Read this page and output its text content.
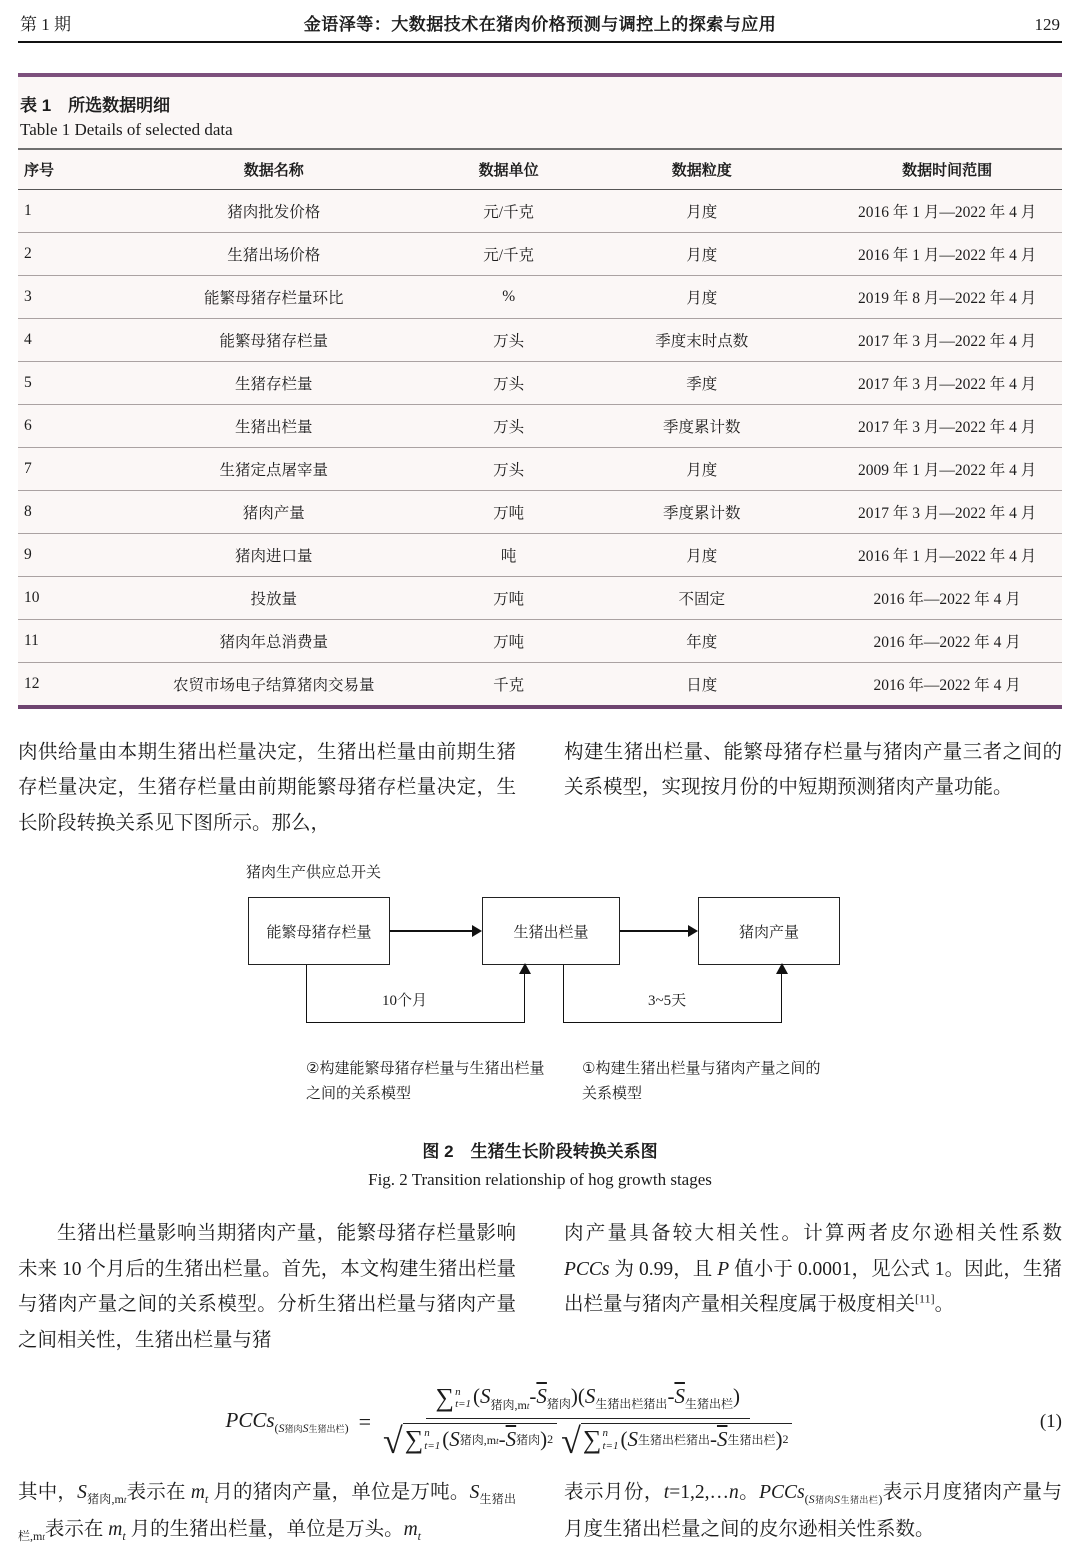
第 1 期	金语泽等：大数据技术在猪肉价格预测与调控上的探索与应用	129
表 1　所选数据明细
Table 1 Details of selected data
序号	数据名称	数据单位	数据粒度	数据时间范围
1	猪肉批发价格	元/千克	月度	2016 年 1 月—2022 年 4 月
2	生猪出场价格	元/千克	月度	2016 年 1 月—2022 年 4 月
3	能繁母猪存栏量环比	%	月度	2019 年 8 月—2022 年 4 月
4	能繁母猪存栏量	万头	季度末时点数	2017 年 3 月—2022 年 4 月
5	生猪存栏量	万头	季度	2017 年 3 月—2022 年 4 月
6	生猪出栏量	万头	季度累计数	2017 年 3 月—2022 年 4 月
7	生猪定点屠宰量	万头	月度	2009 年 1 月—2022 年 4 月
8	猪肉产量	万吨	季度累计数	2017 年 3 月—2022 年 4 月
9	猪肉进口量	吨	月度	2016 年 1 月—2022 年 4 月
10	投放量	万吨	不固定	2016 年—2022 年 4 月
11	猪肉年总消费量	万吨	年度	2016 年—2022 年 4 月
12	农贸市场电子结算猪肉交易量	千克	日度	2016 年—2022 年 4 月
肉供给量由本期生猪出栏量决定，生猪出栏量由前期生猪存栏量决定，生猪存栏量由前期能繁母猪存栏量决定，生长阶段转换关系见下图所示。那么，
构建生猪出栏量、能繁母猪存栏量与猪肉产量三者之间的关系模型，实现按月份的中短期预测猪肉产量功能。
猪肉生产供应总开关
能繁母猪存栏量	生猪出栏量	猪肉产量
10个月	3~5天
②构建能繁母猪存栏量与生猪出栏量之间的关系模型
①构建生猪出栏量与猪肉产量之间的关系模型
图 2　生猪生长阶段转换关系图
Fig. 2 Transition relationship of hog growth stages
生猪出栏量影响当期猪肉产量，能繁母猪存栏量影响未来 10 个月后的生猪出栏量。首先，本文构建生猪出栏量与猪肉产量之间的关系模型。分析生猪出栏量与猪肉产量之间相关性，生猪出栏量与猪
肉产量具备较大相关性。计算两者皮尔逊相关性系数 PCCs 为 0.99，且 P 值小于 0.0001，见公式 1。因此，生猪出栏量与猪肉产量相关程度属于极度相关[11]。
PCCs$_{(S猪肉S生猪出栏)}$ = ∑ n
t=1 $(S_{猪肉,mt}-\overline{S}_{猪肉})(S_{生猪出栏猪出}-\overline{S}_{生猪出栏})$
√ ∑ n
t=1 ( S 猪肉,mt - $\overline{S}$ 猪肉 ) 2 √ ∑ n
t=1 ( S 生猪出栏猪出 - $\overline{S}$ 生猪出栏 ) 2	(1)
其中，$S_{猪肉,mt}$表示在 $m_t$ 月的猪肉产量，单位是万吨。$S_{生猪出栏,mt}$表示在 $m_t$ 月的生猪出栏量，单位是万头。$m_t$
表示月份，t=1,2,…n。PCCs$_{(S猪肉S生猪出栏)}$表示月度猪肉产量与月度生猪出栏量之间的皮尔逊相关性系数。
